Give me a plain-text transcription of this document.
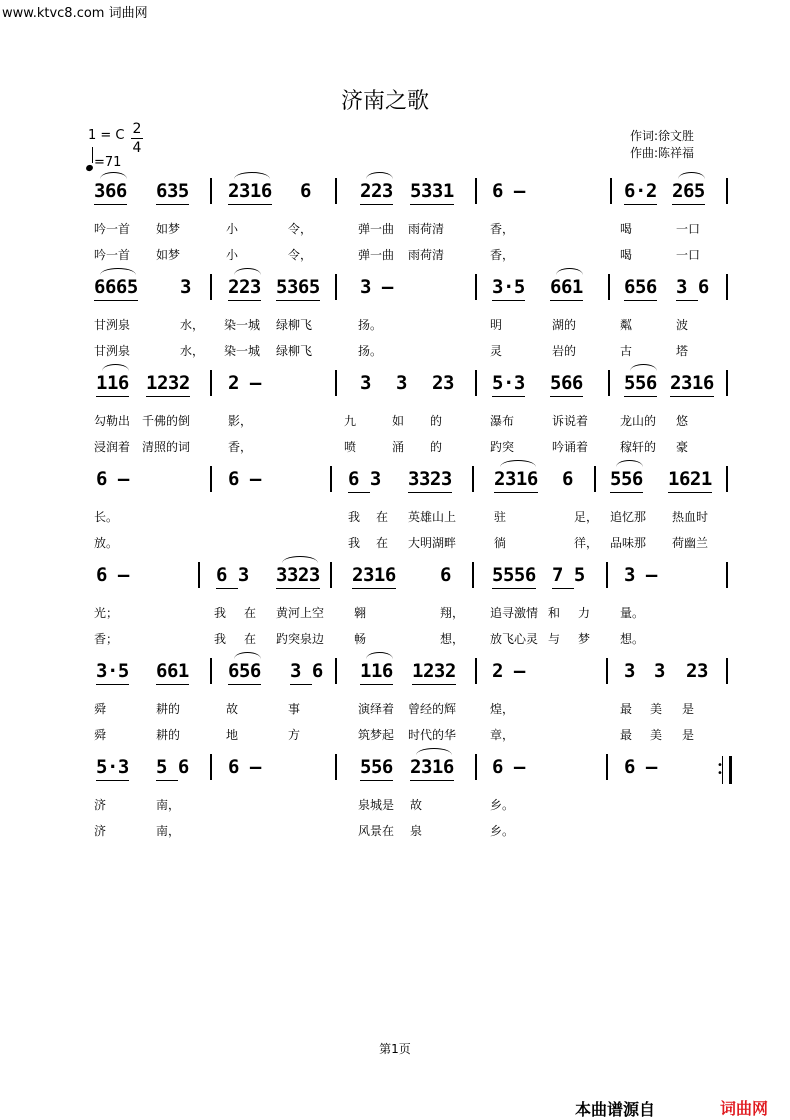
www.ktvc8.com 词曲网
济南之歌
1 = C 2
4
=71
作词:徐文胜
作曲:陈祥福
366 635 2316 6	223 5331 6 –	6·2 265
吟一首 如梦	小	令，	弹一曲 雨荷清	香，	喝	一口
吟一首 如梦	小	令，	弹一曲 雨荷清	香，	喝	一口
6665 3 223 5365 3 –	3·5 661 656 3 6
甘洌泉	水， 染一城 绿柳飞	扬。	明	湖的	粼	波
甘洌泉	水， 染一城 绿柳飞	扬。	灵	岩的	古	塔
116 1232 2 –	3 3 23 5·3 566 556 2316
勾勒出 千佛的倒	影，	九	如 的	瀑布	诉说着	龙山的 悠
浸润着 清照的词	香，	喷	涌 的	趵突	吟诵着	稼轩的 豪
6 –	6 –	6 3 3323 2316 6 556 1621
长。	我 在 英雄山上	驻	足， 追忆那 热血时
放。	我 在 大明湖畔	徜	徉， 品味那 荷幽兰
6 –	6 3 3323 2316 6 5556 7 5 3 –
光；	我 在 黄河上空 翱	翔， 追寻激情 和 力 量。
香；	我 在 趵突泉边 畅	想， 放飞心灵 与 梦 想。
3·5 661 656 3 6 116 1232 2 –	3 3 23
舜	耕的	故	事	演绎着 曾经的辉	煌，	最 美 是
舜	耕的	地	方	筑梦起 时代的华	章，	最 美 是
5·3 5 6 6 –	556 2316 6 –	6 –
济	南，	泉城是 故	乡。
济	南，	风景在 泉	乡。
•
•
第1页
本曲谱源自	词曲网
